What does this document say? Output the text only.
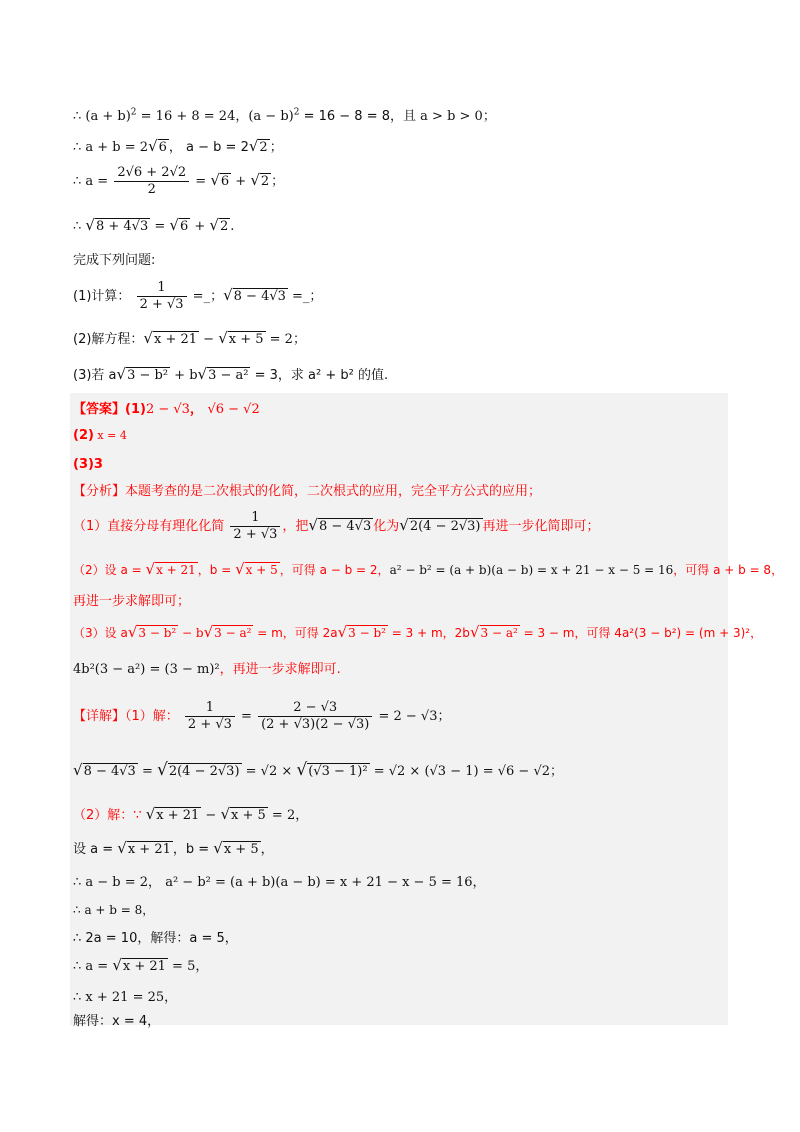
∴ $(a + b)^2 = 16 + 8 = 24$，$(a - b)^2 = 16 - 8 = 8$，且 a > b > 0；
∴ a + b = 2√6 ， a − b = 2√2 ；
∴ $a = \frac{2√6 + 2√2}{2} = √6 + √2$ ；
∴ √8 + 4√3 = √6 + √2 .
完成下列问题:
(1)计算： $\frac{1}{2 + √3}$ =_；√8 − 4√3 =_；
(2)解方程：√x + 21 − √x + 5 = 2；
(3)若 a√3 − b² + b√3 − a² = 3，求 a² + b² 的值.
【答案】(1)2 − √3， √6 − √2
(2) x = 4
(3)3
【分析】本题考查的是二次根式的化简，二次根式的应用，完全平方公式的应用；
（1）直接分母有理化化简 $\frac{1}{2 + √3}$ ，把√8 − 4√3 化为√2(4 − 2√3) 再进一步化简即可；
（2）设 a = √x + 21 ，b = √x + 5 ，可得 a − b = 2，a² − b² = (a + b)(a − b) = x + 21 − x − 5 = 16，可得 a + b = 8，
再进一步求解即可；
（3）设 a√3 − b² − b√3 − a² = m，可得 2a√3 − b² = 3 + m，2b√3 − a² = 3 − m，可得 4a²(3 − b²) = (m + 3)²，
4b²(3 − a²) = (3 − m)²，再进一步求解即可.
【详解】（1）解： $\frac{1}{2 + √3} = \frac{2 - √3}{(2 + √3)(2 - √3)} = 2 - √3$；
√8 − 4√3 = √2(4 − 2√3) = √2 × √(√3 − 1)² = √2 × (√3 − 1) = √6 − √2；
（2）解：∵ √x + 21 − √x + 5 = 2，
设 a = √x + 21 ，b = √x + 5 ，
∴ a − b = 2， a² − b² = (a + b)(a − b) = x + 21 − x − 5 = 16，
∴ a + b = 8，
∴ 2a = 10，解得：a = 5，
∴ a = √x + 21 = 5，
∴ x + 21 = 25，
解得：x = 4，
